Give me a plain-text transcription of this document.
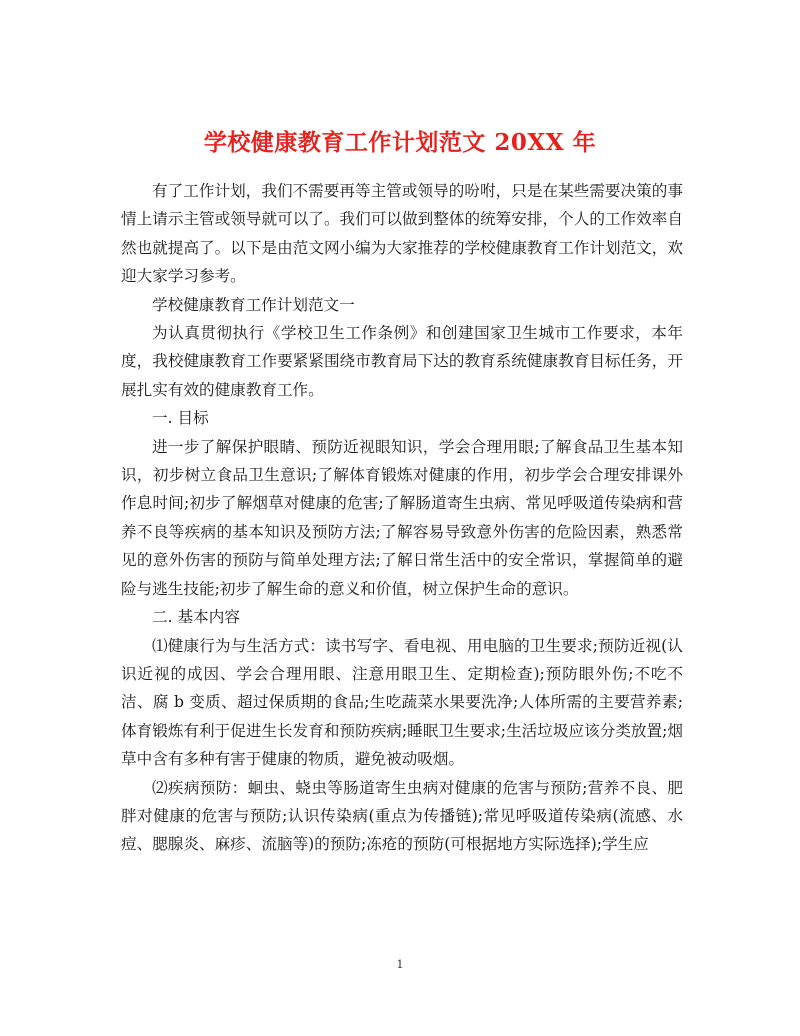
学校健康教育工作计划范文 20XX 年

有了工作计划，我们不需要再等主管或领导的吩咐，只是在某些需要决策的事情上请示主管或领导就可以了。我们可以做到整体的统筹安排，个人的工作效率自然也就提高了。以下是由范文网小编为大家推荐的学校健康教育工作计划范文，欢迎大家学习参考。

学校健康教育工作计划范文一

为认真贯彻执行《学校卫生工作条例》和创建国家卫生城市工作要求，本年度，我校健康教育工作要紧紧围绕市教育局下达的教育系统健康教育目标任务，开展扎实有效的健康教育工作。

一. 目标

进一步了解保护眼睛、预防近视眼知识，学会合理用眼;了解食品卫生基本知识，初步树立食品卫生意识;了解体育锻炼对健康的作用，初步学会合理安排课外作息时间;初步了解烟草对健康的危害;了解肠道寄生虫病、常见呼吸道传染病和营养不良等疾病的基本知识及预防方法;了解容易导致意外伤害的危险因素，熟悉常见的意外伤害的预防与简单处理方法;了解日常生活中的安全常识，掌握简单的避险与逃生技能;初步了解生命的意义和价值，树立保护生命的意识。

二. 基本内容

⑴健康行为与生活方式：读书写字、看电视、用电脑的卫生要求;预防近视(认识近视的成因、学会合理用眼、注意用眼卫生、定期检查);预防眼外伤;不吃不洁、腐 b 变质、超过保质期的食品;生吃蔬菜水果要洗净;人体所需的主要营养素;体育锻炼有利于促进生长发育和预防疾病;睡眠卫生要求;生活垃圾应该分类放置;烟草中含有多种有害于健康的物质，避免被动吸烟。

⑵疾病预防：蛔虫、蛲虫等肠道寄生虫病对健康的危害与预防;营养不良、肥胖对健康的危害与预防;认识传染病(重点为传播链);常见呼吸道传染病(流感、水痘、腮腺炎、麻疹、流脑等)的预防;冻疮的预防(可根据地方实际选择);学生应

1
